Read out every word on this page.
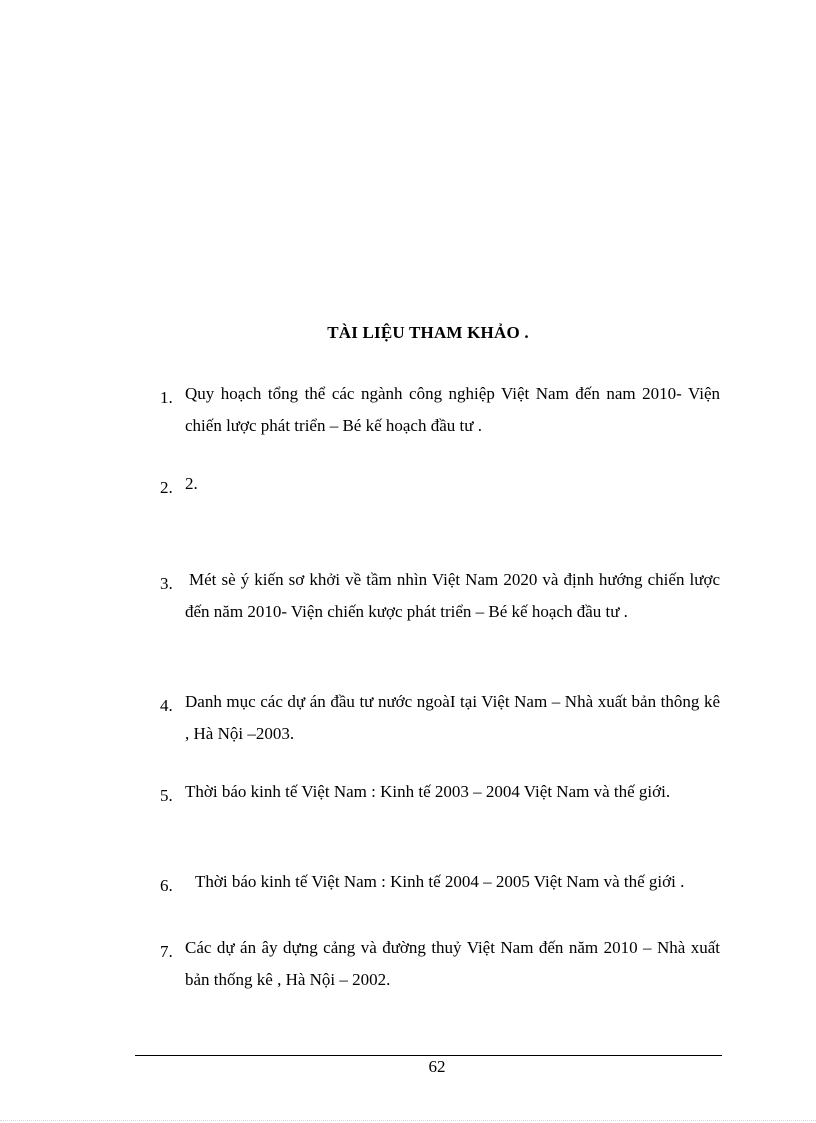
TÀI LIỆU THAM KHẢO .
1. Quy hoạch tổng thể các ngành công nghiệp Việt Nam đến nam 2010- Viện chiến lược phát triển – Bé kế hoạch đầu tư .
2. 2.
3. Mét sè ý kiến sơ khởi về tầm nhìn Việt Nam 2020 và định hướng chiến lược đến năm 2010- Viện chiến kược phát triển – Bé kế hoạch đầu tư .
4. Danh mục các dự án đầu tư nước ngoàI tại Việt Nam – Nhà xuất bản thông kê , Hà Nội –2003.
5. Thời báo kinh tế Việt Nam : Kinh tế 2003 – 2004 Việt Nam và thế giới.
6.	Thời báo kinh tế Việt Nam : Kinh tế 2004 – 2005 Việt Nam và thế giới .
7. Các dự án ây dựng cảng và đường thuỷ Việt Nam đến năm 2010 – Nhà xuất bản thống kê , Hà Nội – 2002.
62
